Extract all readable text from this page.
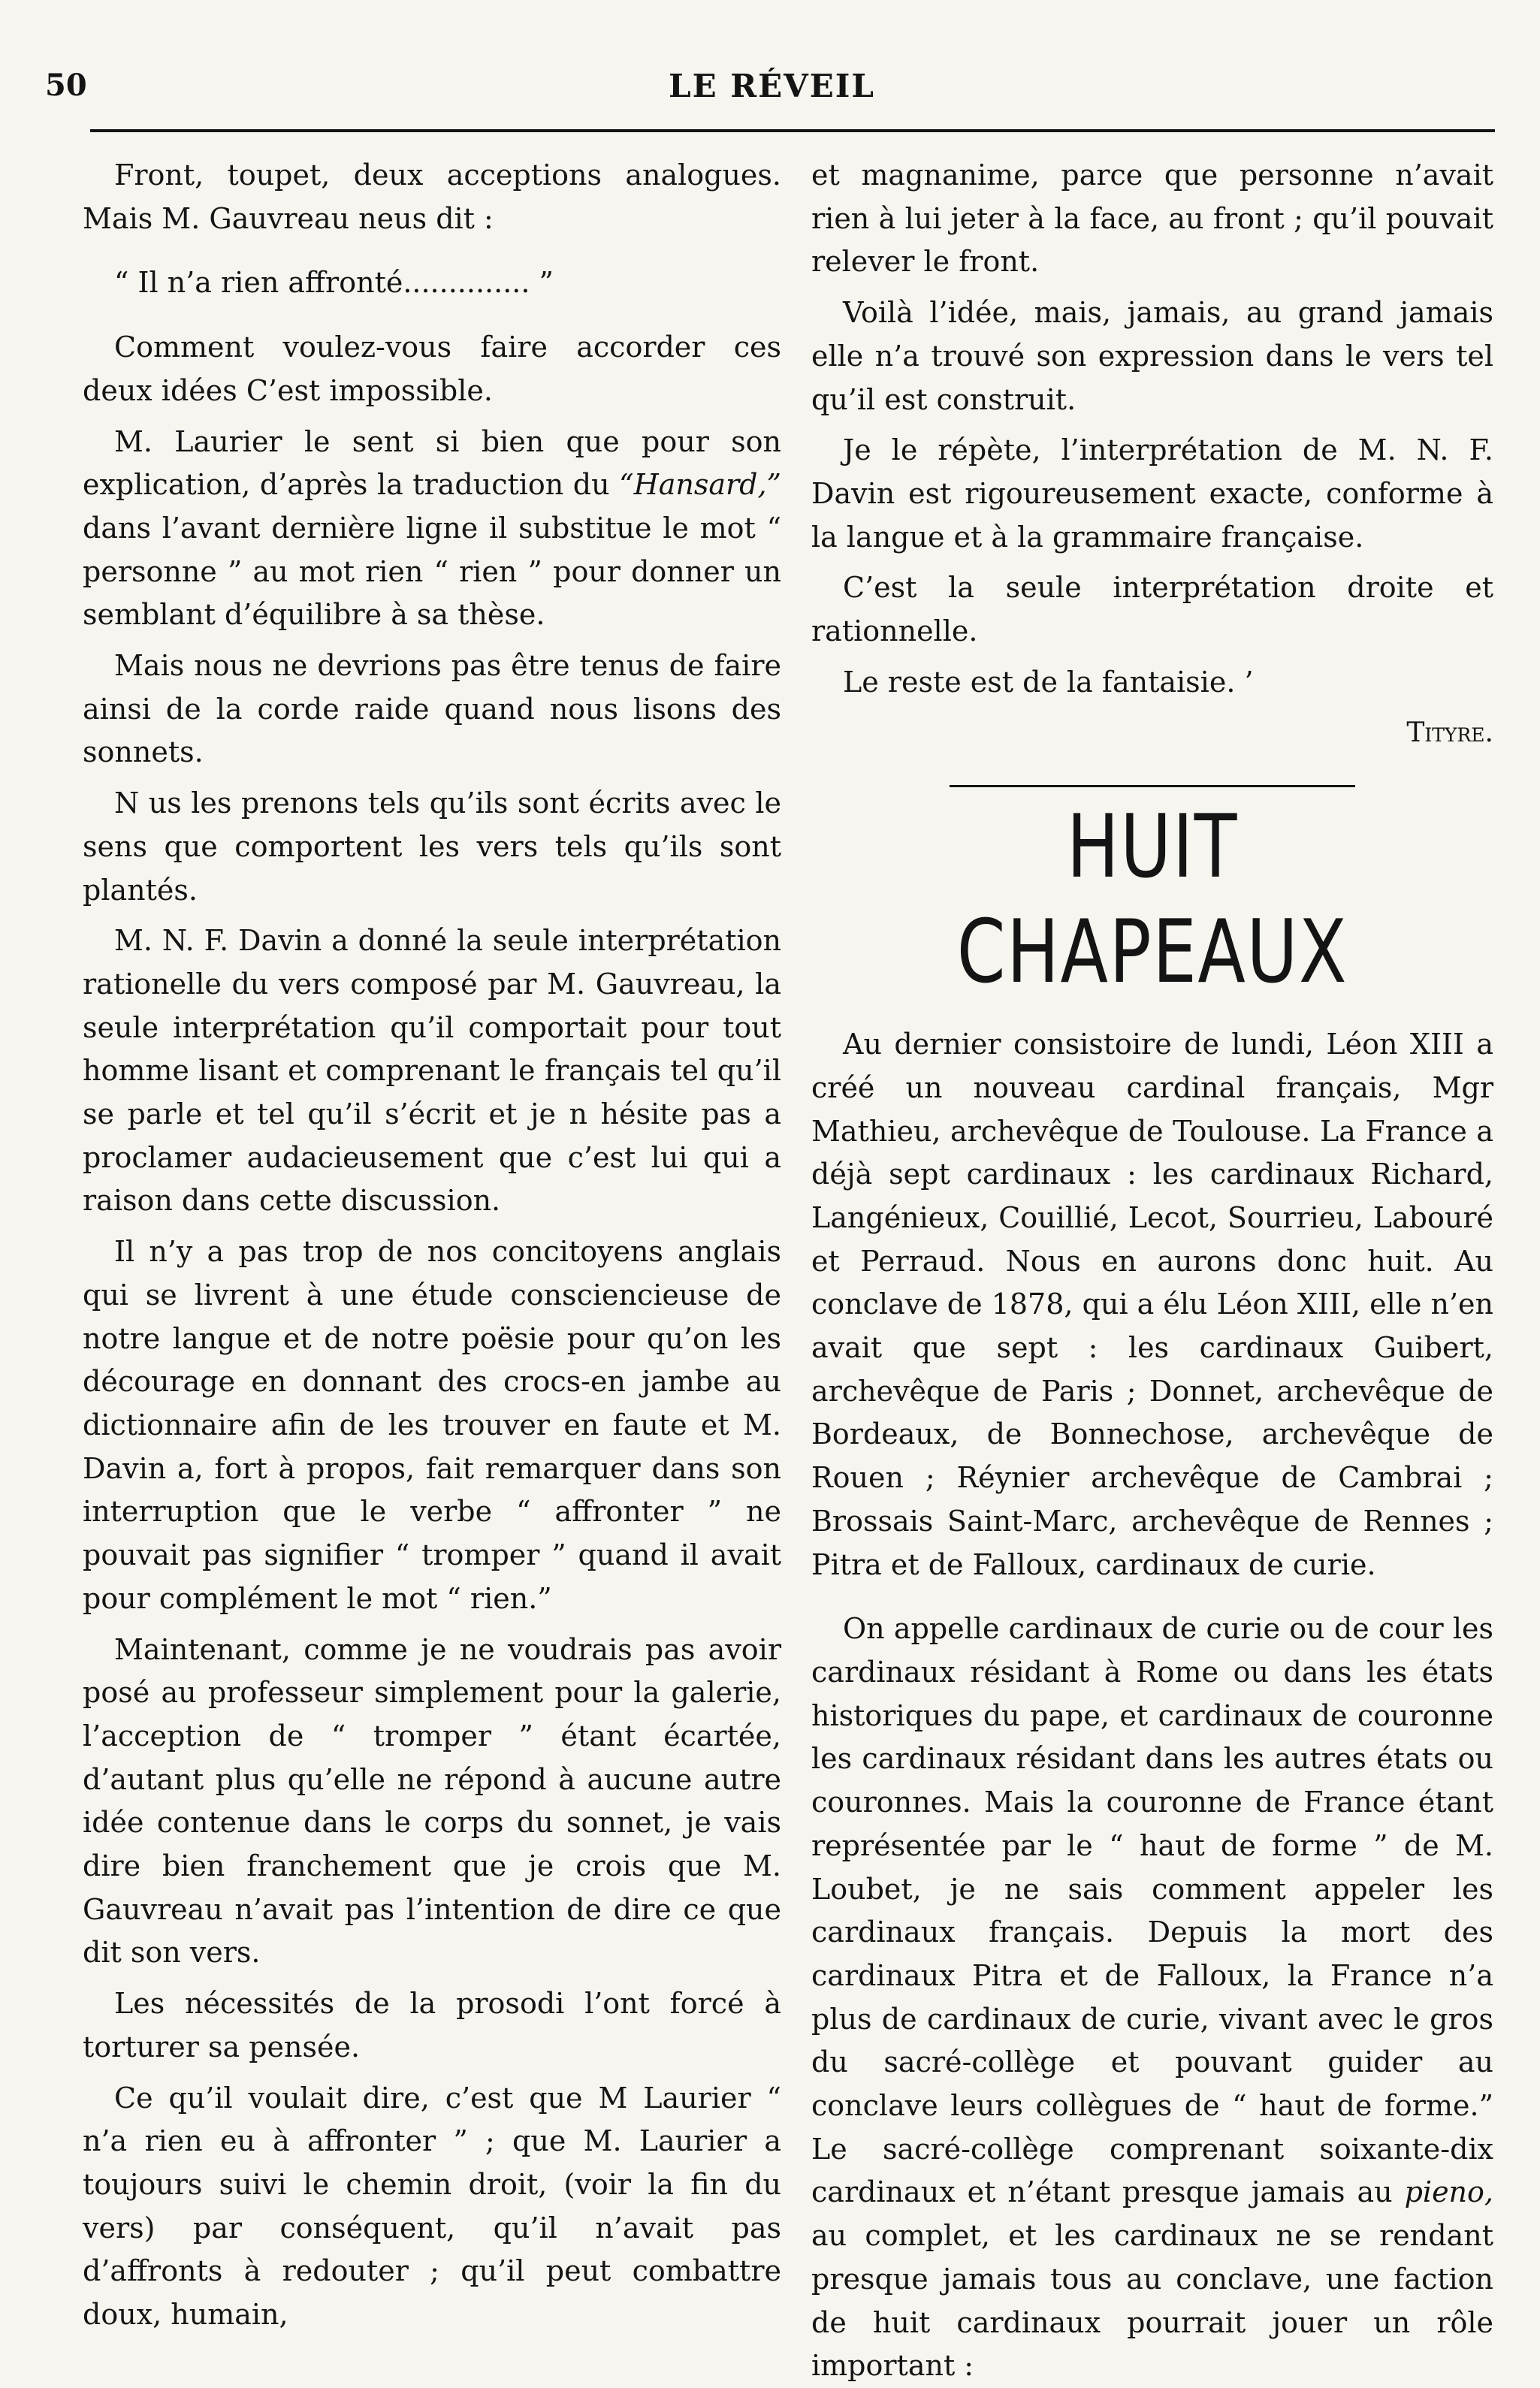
50	LE RÉVEIL

Front, toupet, deux acceptions analogues. Mais M. Gauvreau neus dit :

“ Il n’a rien affronté.............. ”

Comment voulez-vous faire accorder ces deux idées C’est impossible.

M. Laurier le sent si bien que pour son explication, d’après la traduction du “Hansard,” dans l’avant dernière ligne il substitue le mot “ personne ” au mot rien “ rien ” pour donner un semblant d’équilibre à sa thèse.

Mais nous ne devrions pas être tenus de faire ainsi de la corde raide quand nous lisons des sonnets.

N us les prenons tels qu’ils sont écrits avec le sens que comportent les vers tels qu’ils sont plantés.

M. N. F. Davin a donné la seule interprétation rationelle du vers composé par M. Gauvreau, la seule interprétation qu’il comportait pour tout homme lisant et comprenant le français tel qu’il se parle et tel qu’il s’écrit et je n hésite pas a proclamer audacieusement que c’est lui qui a raison dans cette discussion.

Il n’y a pas trop de nos concitoyens anglais qui se livrent à une étude consciencieuse de notre langue et de notre poësie pour qu’on les décourage en donnant des crocs-en jambe au dictionnaire afin de les trouver en faute et M. Davin a, fort à propos, fait remarquer dans son interruption que le verbe “ affronter ” ne pouvait pas signifier “ tromper ” quand il avait pour complément le mot “ rien.”

Maintenant, comme je ne voudrais pas avoir posé au professeur simplement pour la galerie, l’acception de “ tromper ” étant écartée, d’autant plus qu’elle ne répond à aucune autre idée contenue dans le corps du sonnet, je vais dire bien franchement que je crois que M. Gauvreau n’avait pas l’intention de dire ce que dit son vers.

Les nécessités de la prosodi l’ont forcé à torturer sa pensée.

Ce qu’il voulait dire, c’est que M Laurier “ n’a rien eu à affronter ” ; que M. Laurier a toujours suivi le chemin droit, (voir la fin du vers) par conséquent, qu’il n’avait pas d’affronts à redouter ; qu’il peut combattre doux, humain,

et magnanime, parce que personne n’avait rien à lui jeter à la face, au front ; qu’il pouvait relever le front.

Voilà l’idée, mais, jamais, au grand jamais elle n’a trouvé son expression dans le vers tel qu’il est construit.

Je le répète, l’interprétation de M. N. F. Davin est rigoureusement exacte, conforme à la langue et à la grammaire française.

C’est la seule interprétation droite et rationnelle.

Le reste est de la fantaisie. ’

Tityre.
HUIT CHAPEAUX

Au dernier consistoire de lundi, Léon XIII a créé un nouveau cardinal français, Mgr Mathieu, archevêque de Toulouse. La France a déjà sept cardinaux : les cardinaux Richard, Langénieux, Couillié, Lecot, Sourrieu, Labouré et Perraud. Nous en aurons donc huit. Au conclave de 1878, qui a élu Léon XIII, elle n’en avait que sept : les cardinaux Guibert, archevêque de Paris ; Donnet, archevêque de Bordeaux, de Bonnechose, archevêque de Rouen ; Réynier archevêque de Cambrai ; Brossais Saint-Marc, archevêque de Rennes ; Pitra et de Falloux, cardinaux de curie.

On appelle cardinaux de curie ou de cour les cardinaux résidant à Rome ou dans les états historiques du pape, et cardinaux de couronne les cardinaux résidant dans les autres états ou couronnes. Mais la couronne de France étant représentée par le “ haut de forme ” de M. Loubet, je ne sais comment appeler les cardinaux français. Depuis la mort des cardinaux Pitra et de Falloux, la France n’a plus de cardinaux de curie, vivant avec le gros du sacré-collège et pouvant guider au conclave leurs collègues de “ haut de forme.” Le sacré-collège comprenant soixante-dix cardinaux et n’étant presque jamais au pieno, au complet, et les cardinaux ne se rendant presque jamais tous au conclave, une faction de huit cardinaux pourrait jouer un rôle important :
